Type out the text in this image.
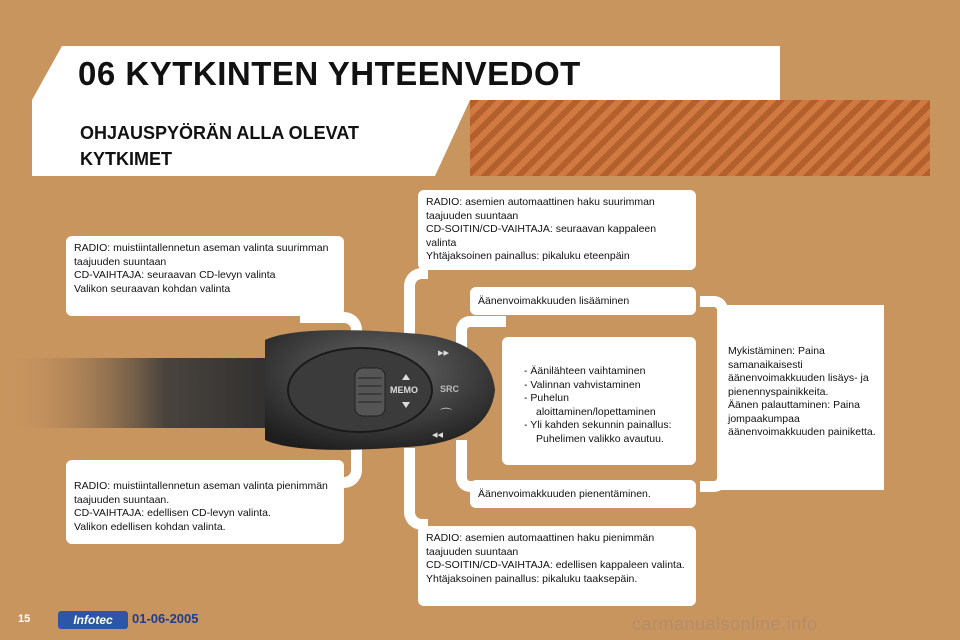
06 KYTKINTEN YHTEENVEDOT
OHJAUSPYÖRÄN ALLA OLEVAT
KYTKIMET
MEMO SRC
▸▸
◂◂
⌒

RADIO: muistiintallennetun aseman valinta suurimman taajuuden suuntaan

CD-VAIHTAJA: seuraavan CD-levyn valinta

Valikon seuraavan kohdan valinta

RADIO: asemien automaattinen haku suurimman taajuuden suuntaan

CD-SOITIN/CD-VAIHTAJA: seuraavan kappaleen valinta

Yhtäjaksoinen painallus: pikaluku eteenpäin

Äänenvoimakkuuden lisääminen

- Äänilähteen vaihtaminen
- Valinnan vahvistaminen
- Puhelun aloittaminen/lopettaminen
- Yli kahden sekunnin painallus: Puhelimen valikko avautuu.

Mykistäminen: Paina samanaikaisesti äänenvoimakkuuden lisäys- ja pienennyspainikkeita.

Äänen palauttaminen: Paina jompaakumpaa äänenvoimakkuuden painiketta.

Äänenvoimakkuuden pienentäminen.

RADIO: muistiintallennetun aseman valinta pienimmän taajuuden suuntaan.

CD-VAIHTAJA: edellisen CD-levyn valinta.

Valikon edellisen kohdan valinta.

RADIO: asemien automaattinen haku pienimmän taajuuden suuntaan

CD-SOITIN/CD-VAIHTAJA: edellisen kappaleen valinta.

Yhtäjaksoinen painallus: pikaluku taaksepäin.

15	Infotec	01-06-2005	carmanualsonline.info
